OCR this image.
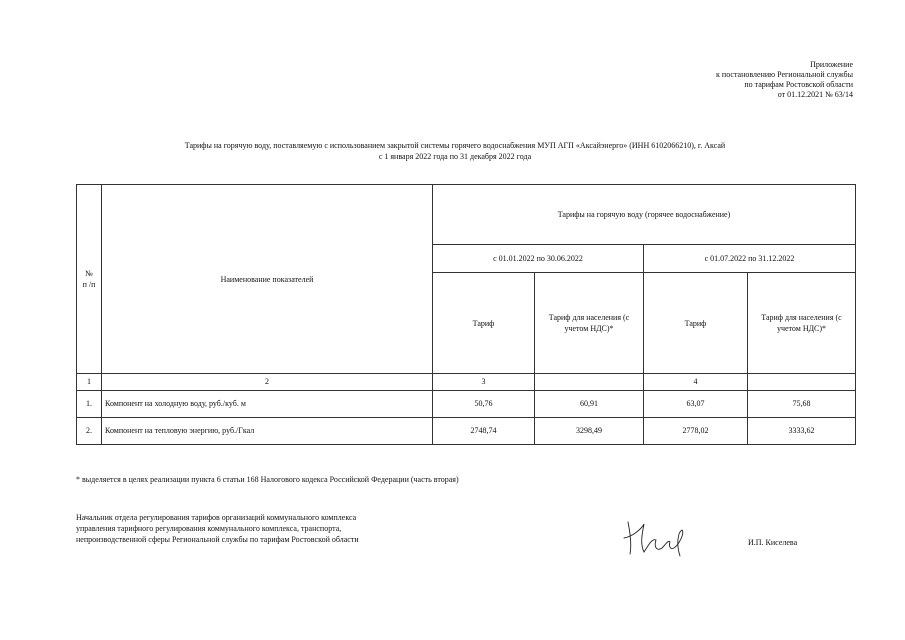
Приложение
к постановлению Региональной службы
по тарифам Ростовской области
от 01.12.2021 № 63/14
Тарифы на горячую воду, поставляемую с использованием закрытой системы горячего водоснабжения МУП АГП «Аксайэнерго» (ИНН 6102066210), г. Аксай
с 1 января 2022 года по 31 декабря 2022 года
№
п /п	Наименование показателей	Тарифы на горячую воду (горячее водоснабжение)			
		с 01.01.2022 по 30.06.2022		с 01.07.2022 по 31.12.2022	
		Тариф	Тариф для населения (с учетом НДС)*	Тариф	Тариф для населения (с учетом НДС)*
1	2	3		4	
1.	Компонент на холодную воду, руб./куб. м	50,76	60,91	63,07	75,68
2.	Компонент на тепловую энергию, руб./Гкал	2748,74	3298,49	2778,02	3333,62
* выделяется в целях реализации пункта 6 статьи 168 Налогового кодекса Российской Федерации (часть вторая)
Начальник отдела регулирования тарифов организаций коммунального комплекса
управления тарифного регулирования коммунального комплекса, транспорта,
непроизводственной сферы Региональной службы по тарифам Ростовской области	И.П. Киселева
